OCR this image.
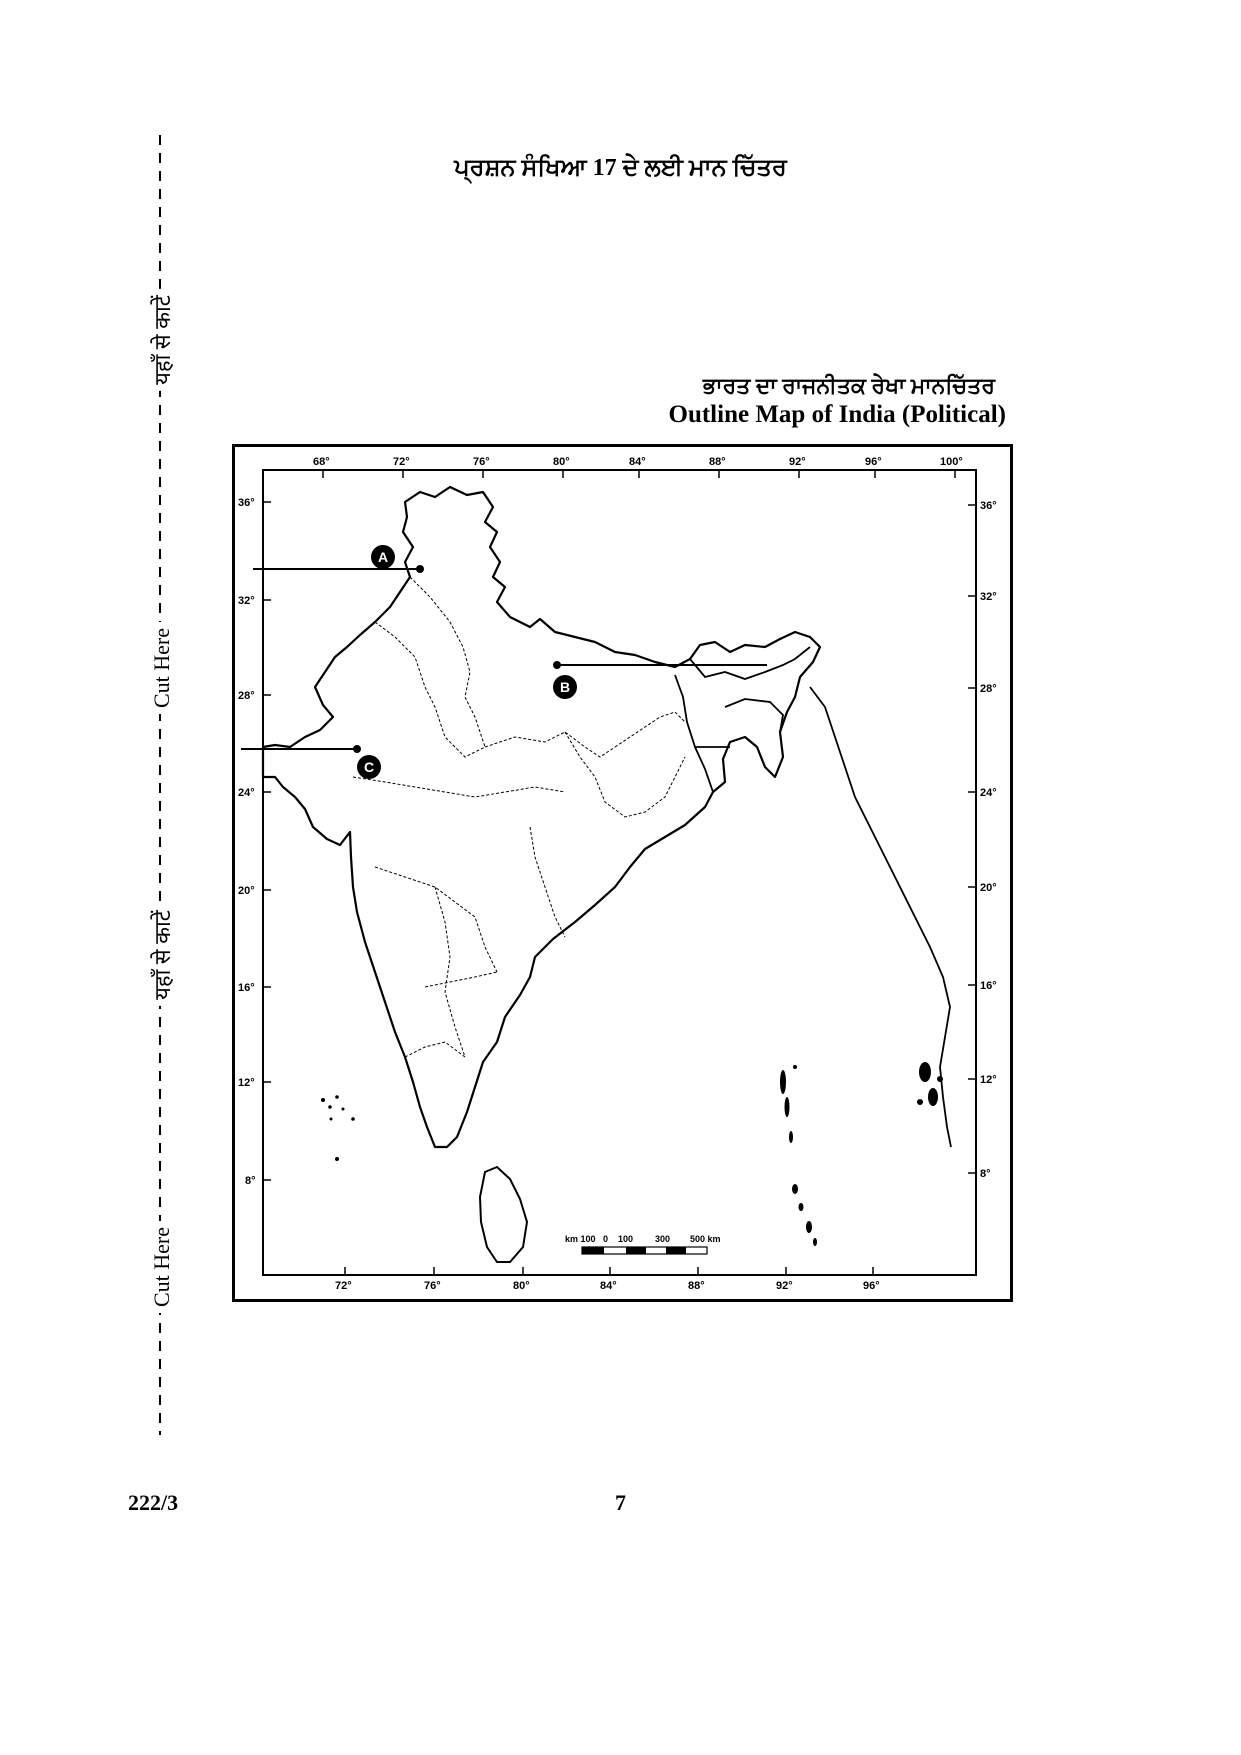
यहाँ से काटें
Cut Here
यहाँ से काटें
Cut Here
ਪ੍ਰਸ਼ਨ ਸੰਖਿਆ 17 ਦੇ ਲਈ ਮਾਨ ਚਿੱਤਰ
ਭਾਰਤ ਦਾ ਰਾਜਨੀਤਕ ਰੇਖਾ ਮਾਨਚਿੱਤਰ
Outline Map of India (Political)
68°	72°	76°	80°	84°	88°	92°	96°	100°
72°	76°	80°	84°	88°	92°	96°
36°
32°
28°
24°
20°
16°
12°
8°
36°
32°
28°
24°
20°
16°
12°
8°
A
B
C
km 100 0 100 300 500 km
222/3	7
